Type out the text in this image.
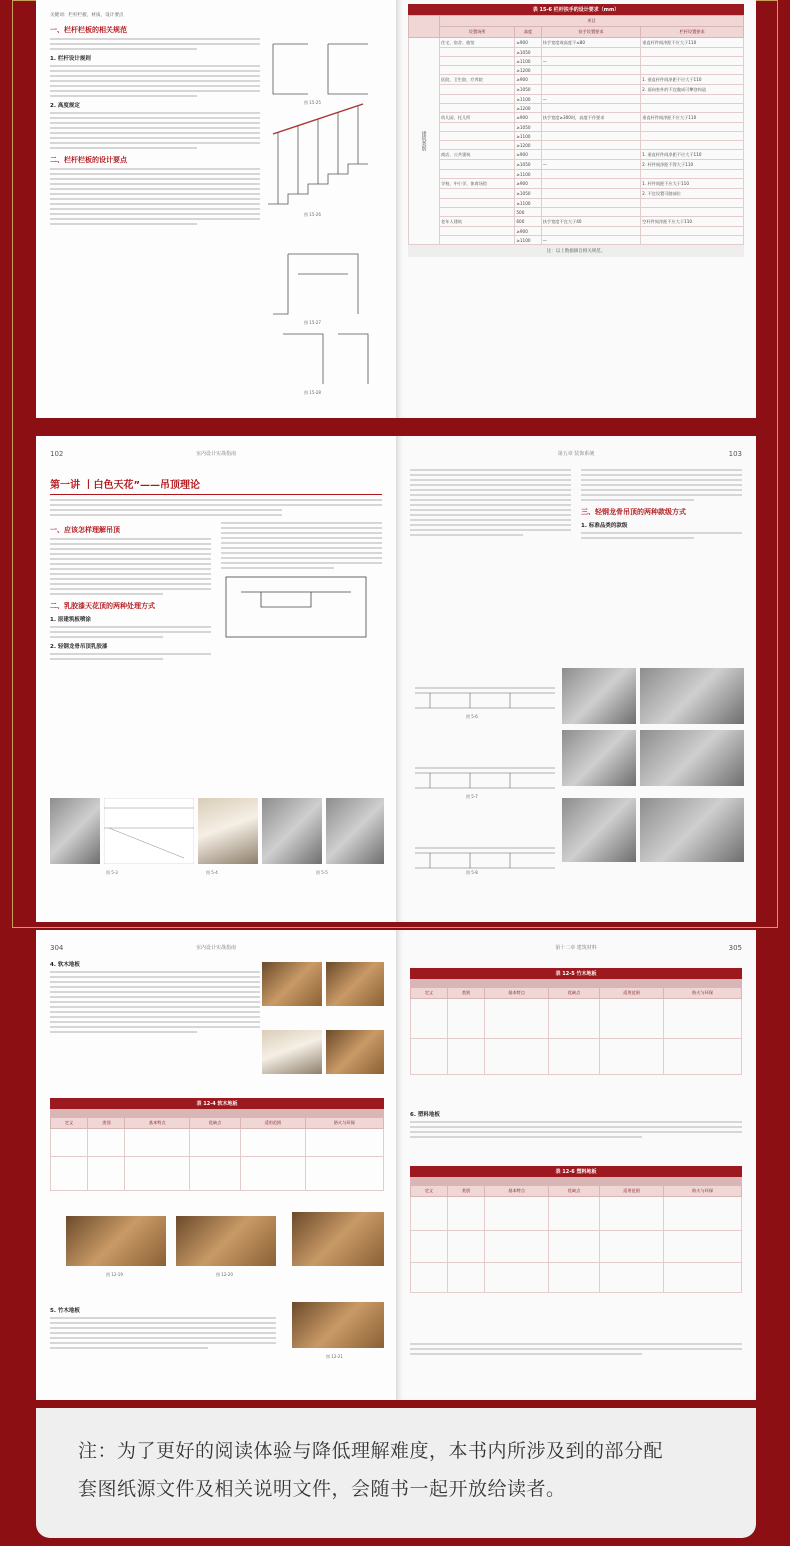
关键词：栏杆栏板，材质，设计要点
一、栏杆栏板的相关规范
1. 栏杆设计规则
2. 高度规定
二、栏杆栏板的设计要点
图 15-25
图 15-26
图 15-27
图 15-28
表 15-6 栏杆扶手的设计要求（mm）
	项目			
	设置场所	高度	扶手设置要求	栏杆设置要求
建筑类别	住宅、宿舍、旅馆	≥900	扶手宽度或高度不≤80	垂直杆件间净距不应大于110
		≥1050		
		≥1100	—	
		≥1200		
	医院、卫生院、疗养院	≥900		1. 垂直杆件间净距不应大于110
		≥1050		2. 面向室外的不宜做成可攀登构造
		≥1100	—	
		≥1200		
	幼儿园、托儿所	≥900	扶手宽度≥300时，高度不作要求	垂直杆件间净距不应大于110
		≥1050		
		≥1100		
		≥1200		
	商店、公共建筑	≥900		1. 垂直杆件间净距不应大于110
		≥1050	—	2. 杆件间净距不得大于110
		≥1100		
	学校、中小学、体育场馆	≥900		1. 杆件间距不应大于110
		≥1050		2. 不宜设置可踏部位
		≥1100		
		500		
	老年人建筑	600	扶手宽度不宜大于40	空杆件间净距不应大于110
		≥900		
		≥1100	—	
注：以上数据摘自相关规范。
102	室内设计实战指南
第一讲 丨白色天花”——吊顶理论
一、应该怎样理解吊顶
二、乳胶漆天花顶的两种处理方式
1. 原建筑板喷涂
2. 轻钢龙骨吊顶乳胶漆
图 5-3	图 5-4	图 5-5
第五章 装饰系统	103
三、轻钢龙骨吊顶的两种款级方式
1. 标准品类的款级
图 5-6
图 5-7
图 5-8
304	室内设计实战指南
4. 软木地板
表 12-4 软木地板
定义	类别	基本特点	优缺点	适用范围	防火与环保

图 12-19	图 12-20
5. 竹木地板
图 12-21
第十二章 建筑材料	305
表 12-5 竹木地板
定义	类别	基本特点	优缺点	适用范围	防火与环保

6. 塑料地板
表 12-6 塑料地板
定义	类别	基本特点	优缺点	适用范围	防火与环保

注：为了更好的阅读体验与降低理解难度，本书内所涉及到的部分配

套图纸源文件及相关说明文件，会随书一起开放给读者。
